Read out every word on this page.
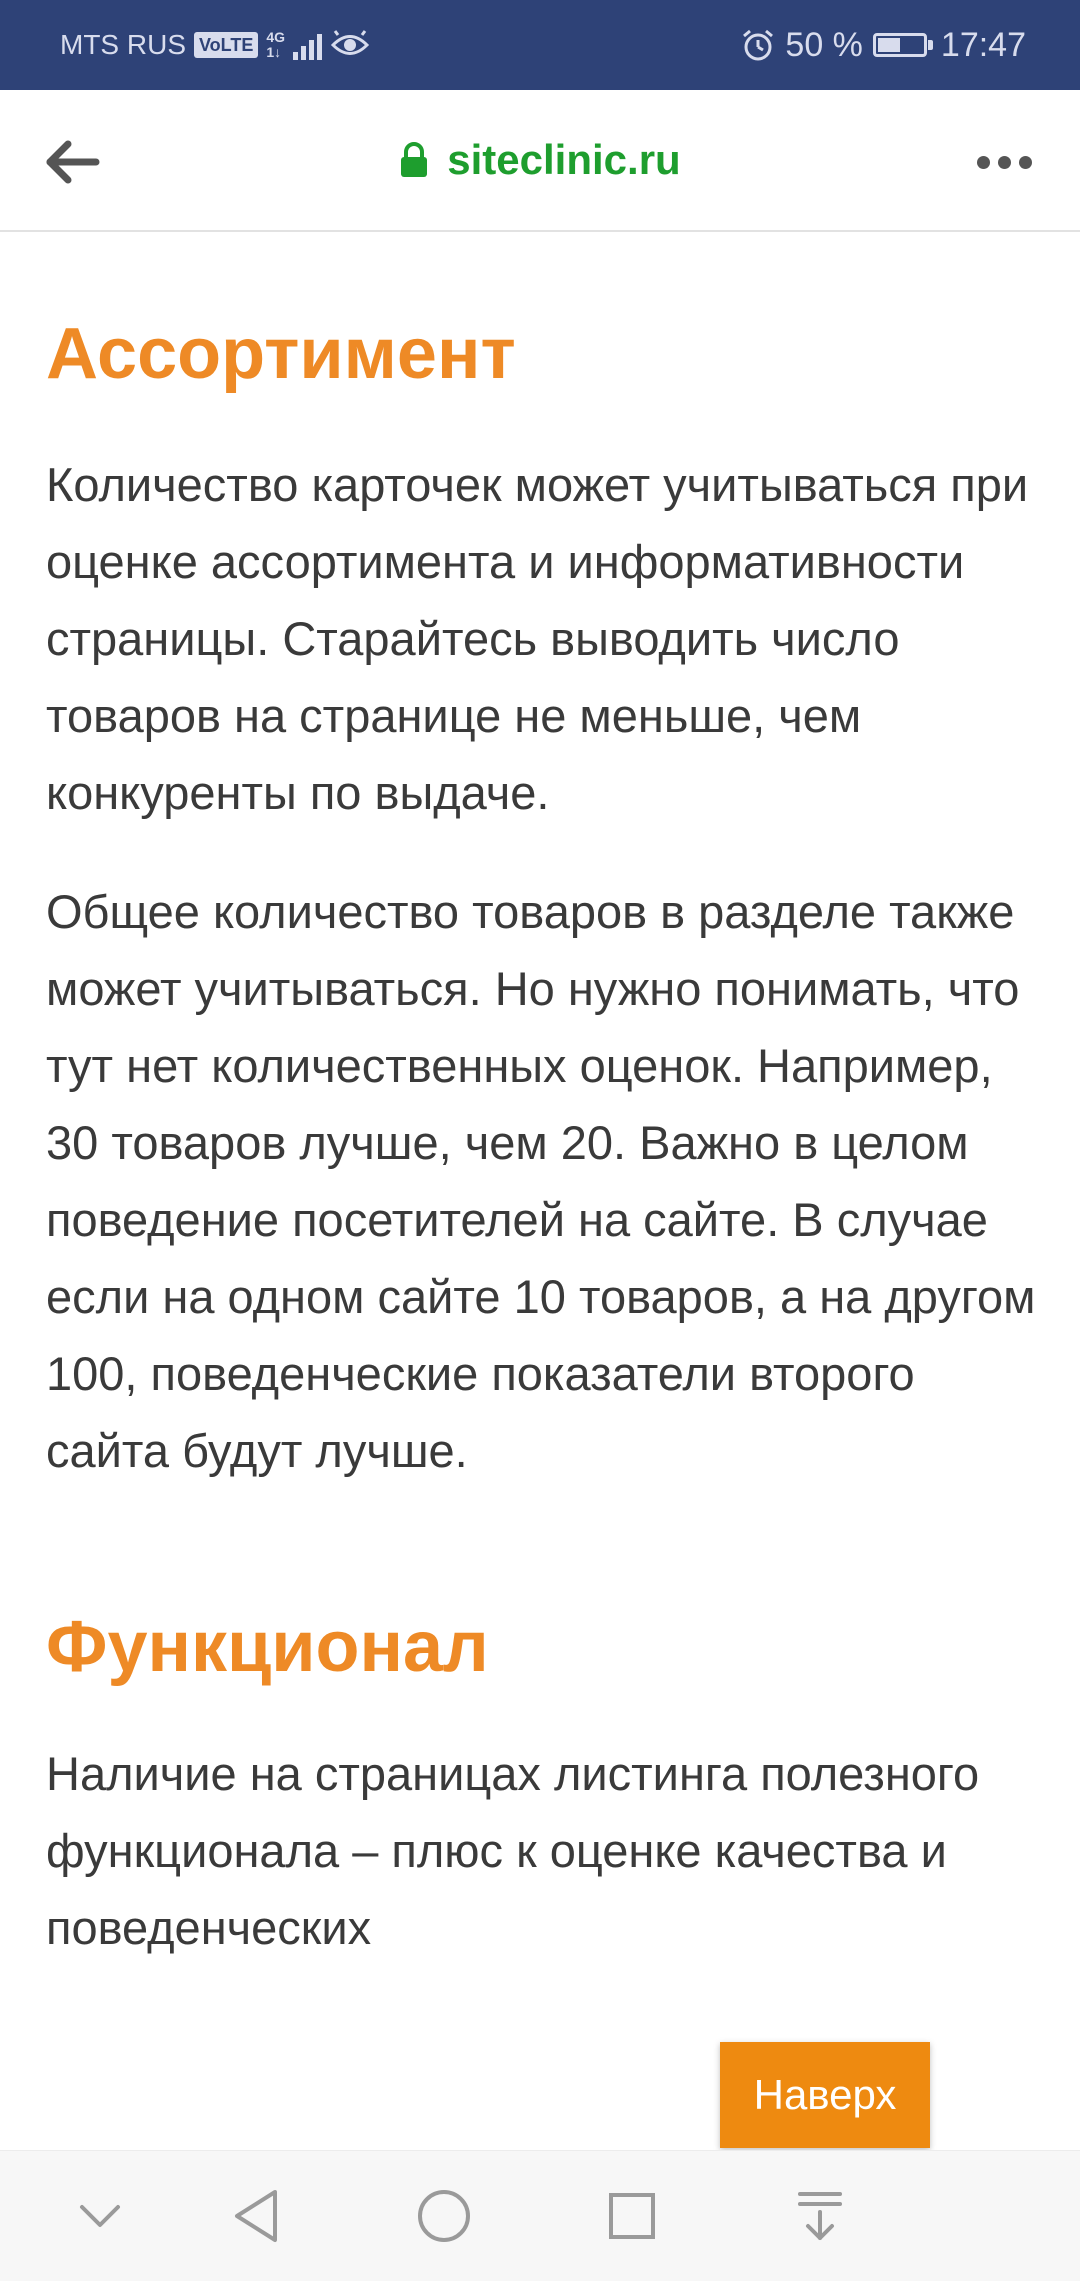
MTS RUS VoLTE 4G
1↓	50 % 17:47
siteclinic.ru
Ассортимент

Количество карточек может учитываться при оценке ассортимента и информативности страницы. Старайтесь выводить число товаров на странице не меньше, чем конкуренты по выдаче.

Общее количество товаров в разделе также может учитываться. Но нужно понимать, что тут нет количественных оценок. Например, 30 товаров лучше, чем 20. Важно в целом поведение посетителей на сайте. В случае если на одном сайте 10 товаров, а на другом 100, поведенческие показатели второго сайта будут лучше.

Функционал

Наличие на страницах листинга полезного функционала – плюс к оценке качества и поведенческих

Наверх
